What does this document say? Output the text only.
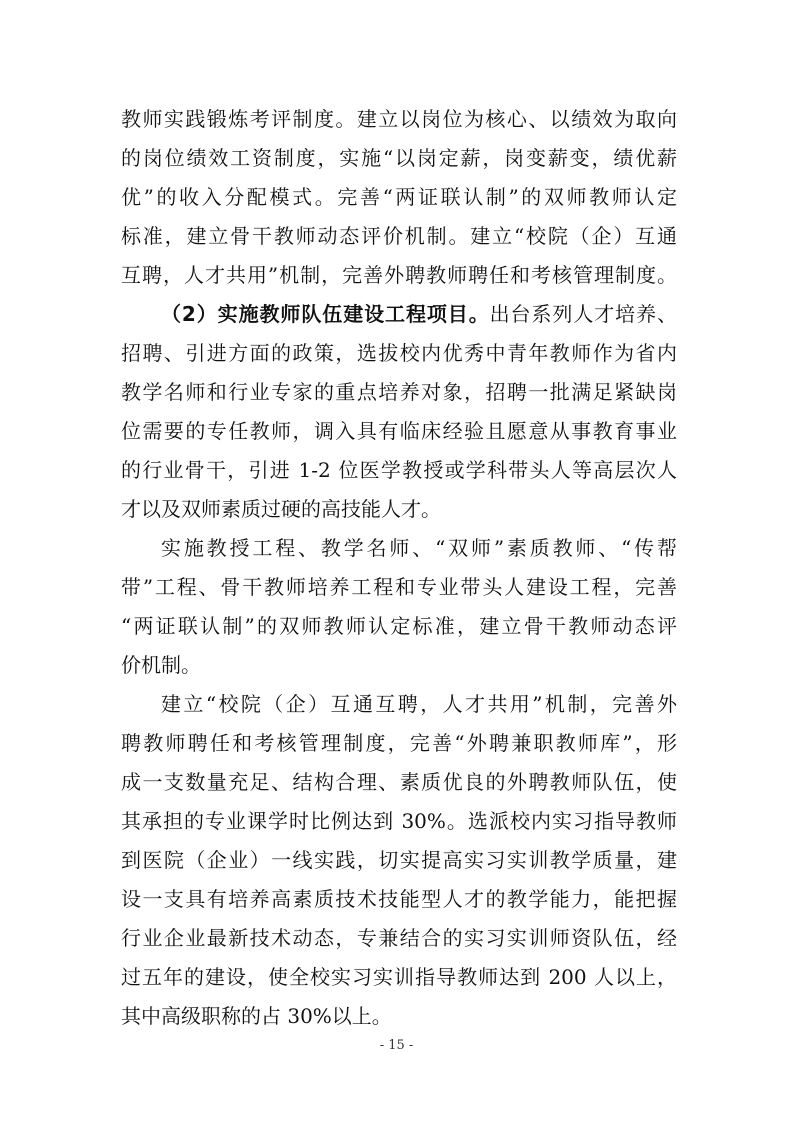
教师实践锻炼考评制度。建立以岗位为核心、以绩效为取向
的岗位绩效工资制度，实施“以岗定薪，岗变薪变，绩优薪
优”的收入分配模式。完善“两证联认制”的双师教师认定
标准，建立骨干教师动态评价机制。建立“校院（企）互通
互聘，人才共用”机制，完善外聘教师聘任和考核管理制度。
（2）实施教师队伍建设工程项目。出台系列人才培养、
招聘、引进方面的政策，选拔校内优秀中青年教师作为省内
教学名师和行业专家的重点培养对象，招聘一批满足紧缺岗
位需要的专任教师，调入具有临床经验且愿意从事教育事业
的行业骨干，引进 1-2 位医学教授或学科带头人等高层次人
才以及双师素质过硬的高技能人才。
实施教授工程、教学名师、“双师”素质教师、“传帮
带”工程、骨干教师培养工程和专业带头人建设工程，完善
“两证联认制”的双师教师认定标准，建立骨干教师动态评
价机制。
建立“校院（企）互通互聘，人才共用”机制，完善外
聘教师聘任和考核管理制度，完善“外聘兼职教师库”，形
成一支数量充足、结构合理、素质优良的外聘教师队伍，使
其承担的专业课学时比例达到 30%。选派校内实习指导教师
到医院（企业）一线实践，切实提高实习实训教学质量，建
设一支具有培养高素质技术技能型人才的教学能力，能把握
行业企业最新技术动态，专兼结合的实习实训师资队伍，经
过五年的建设，使全校实习实训指导教师达到 200 人以上，
其中高级职称的占 30%以上。
- 15 -
